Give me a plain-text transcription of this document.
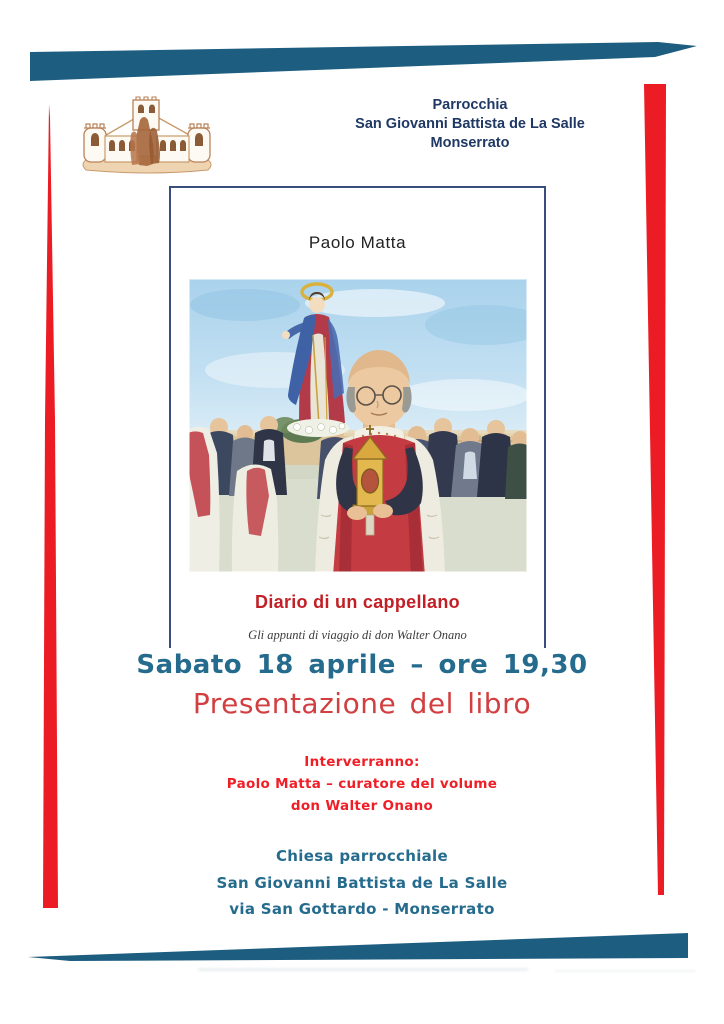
Parrocchia
San Giovanni Battista de La Salle
Monserrato
Paolo Matta
Diario di un cappellano
Gli appunti di viaggio di don Walter Onano
Sabato 18 aprile – ore 19,30
Presentazione del libro
Interverranno:
Paolo Matta – curatore del volume
don Walter Onano
Chiesa parrocchiale
San Giovanni Battista de La Salle
via San Gottardo - Monserrato
